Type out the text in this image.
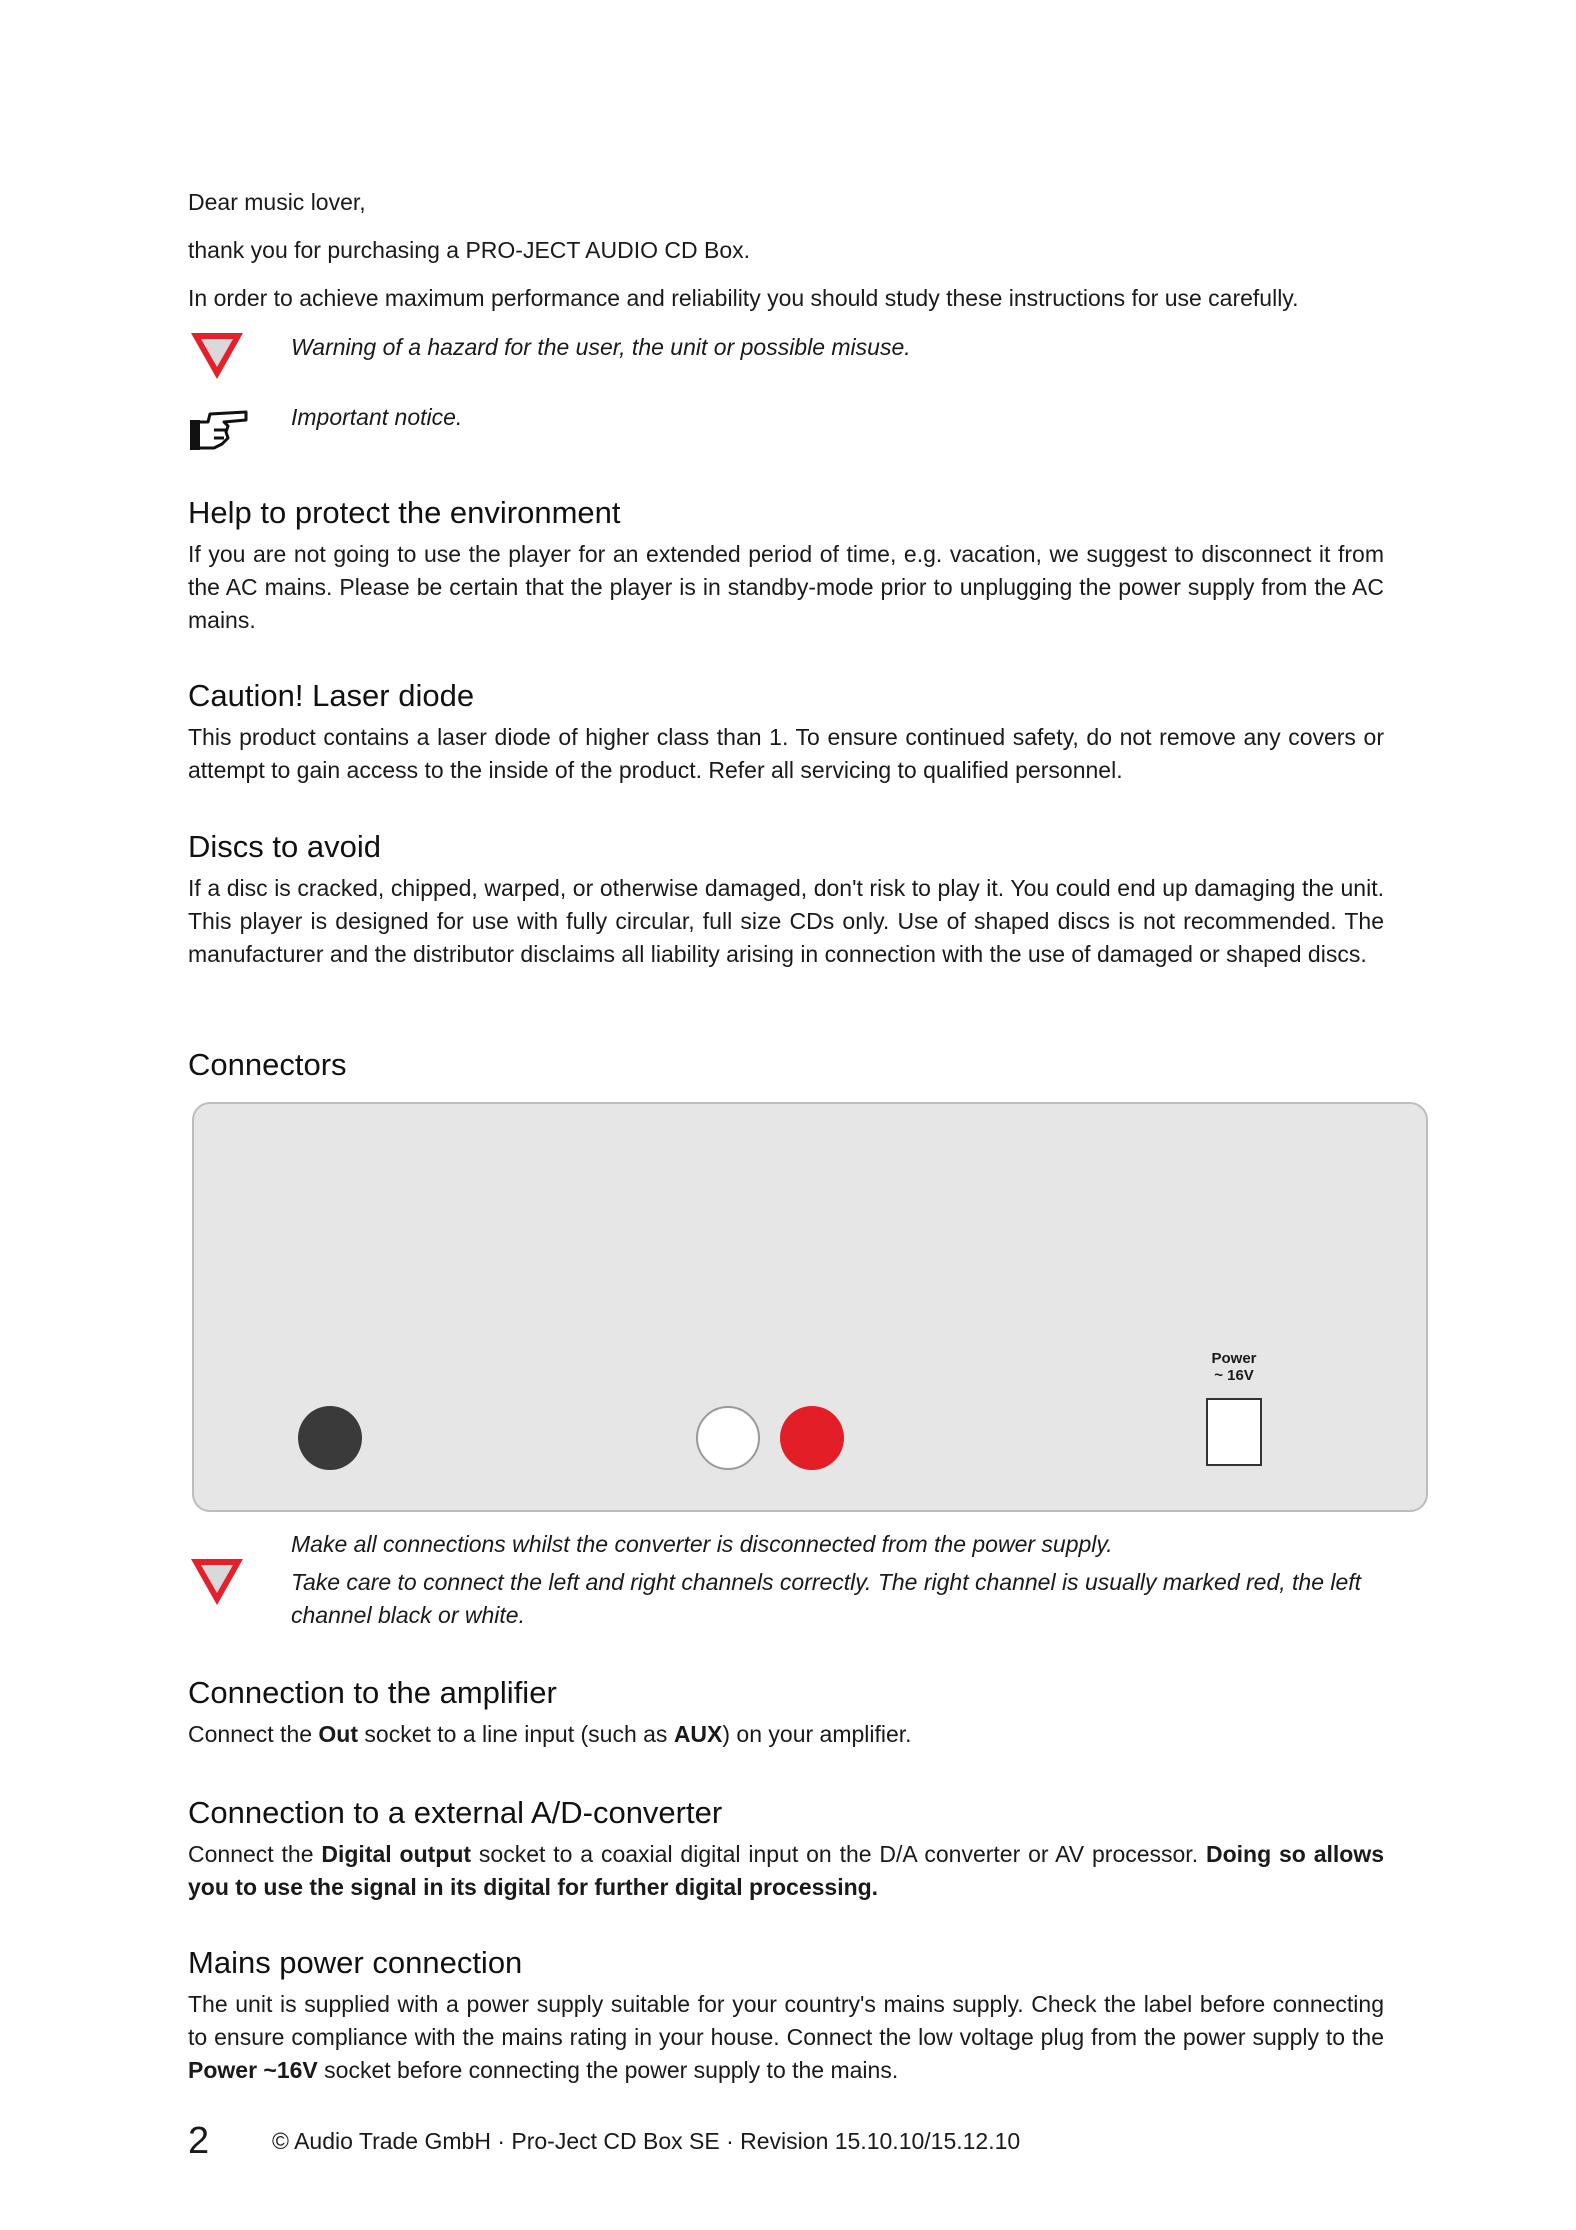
Dear music lover,

thank you for purchasing a PRO-JECT AUDIO CD Box.

In order to achieve maximum performance and reliability you should study these instructions for use carefully.

Warning of a hazard for the user, the unit or possible misuse.
Important notice.
Help to protect the environment

If you are not going to use the player for an extended period of time, e.g. vacation, we suggest to disconnect it from the AC mains. Please be certain that the player is in standby-mode prior to unplugging the power supply from the AC mains.

Caution! Laser diode

This product contains a laser diode of higher class than 1. To ensure continued safety, do not remove any covers or attempt to gain access to the inside of the product. Refer all servicing to qualified personnel.

Discs to avoid

If a disc is cracked, chipped, warped, or otherwise damaged, don't risk to play it. You could end up damaging the unit. This player is designed for use with fully circular, full size CDs only. Use of shaped discs is not recommended. The manufacturer and the distributor disclaims all liability arising in connection with the use of damaged or shaped discs.

Connectors
Make all connections whilst the converter is disconnected from the power supply.
Take care to connect the left and right channels correctly. The right channel is usually marked red, the left channel black or white.
Connection to the amplifier

Connect the Out socket to a line input (such as AUX) on your amplifier.

Connection to a external A/D-converter

Connect the Digital output socket to a coaxial digital input on the D/A converter or AV processor. Doing so allows you to use the signal in its digital for further digital processing.

Mains power connection

The unit is supplied with a power supply suitable for your country's mains supply. Check the label before connecting to ensure compliance with the mains rating in your house. Connect the low voltage plug from the power supply to the Power ~16V socket before connecting the power supply to the mains.

Power
~ 16V
2	© Audio Trade GmbH · Pro-Ject CD Box SE · Revision 15.10.10/15.12.10
